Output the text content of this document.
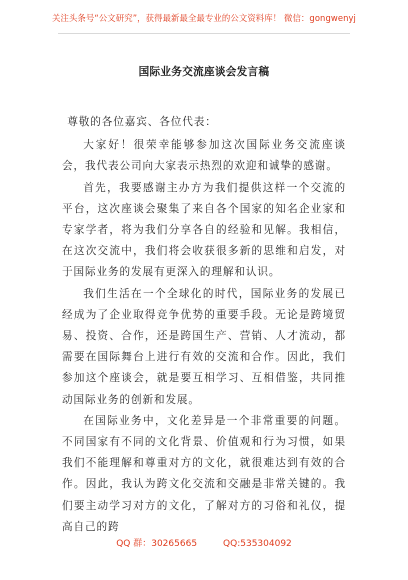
关注头条号“公文研究”，获得最新最全最专业的公文资料库！ 微信：gongwenyj
国际业务交流座谈会发言稿

尊敬的各位嘉宾、各位代表：

大家好！很荣幸能够参加这次国际业务交流座谈会，我代表公司向大家表示热烈的欢迎和诚挚的感谢。

首先，我要感谢主办方为我们提供这样一个交流的平台，这次座谈会聚集了来自各个国家的知名企业家和专家学者，将为我们分享各自的经验和见解。我相信，在这次交流中，我们将会收获很多新的思维和启发，对于国际业务的发展有更深入的理解和认识。

我们生活在一个全球化的时代，国际业务的发展已经成为了企业取得竞争优势的重要手段。无论是跨境贸易、投资、合作，还是跨国生产、营销、人才流动，都需要在国际舞台上进行有效的交流和合作。因此，我们参加这个座谈会，就是要互相学习、互相借鉴，共同推动国际业务的创新和发展。

在国际业务中，文化差异是一个非常重要的问题。不同国家有不同的文化背景、价值观和行为习惯，如果我们不能理解和尊重对方的文化，就很难达到有效的合作。因此，我认为跨文化交流和交融是非常关键的。我们要主动学习对方的文化，了解对方的习俗和礼仪，提高自己的跨

QQ 群：30265665	QQ:535304092
